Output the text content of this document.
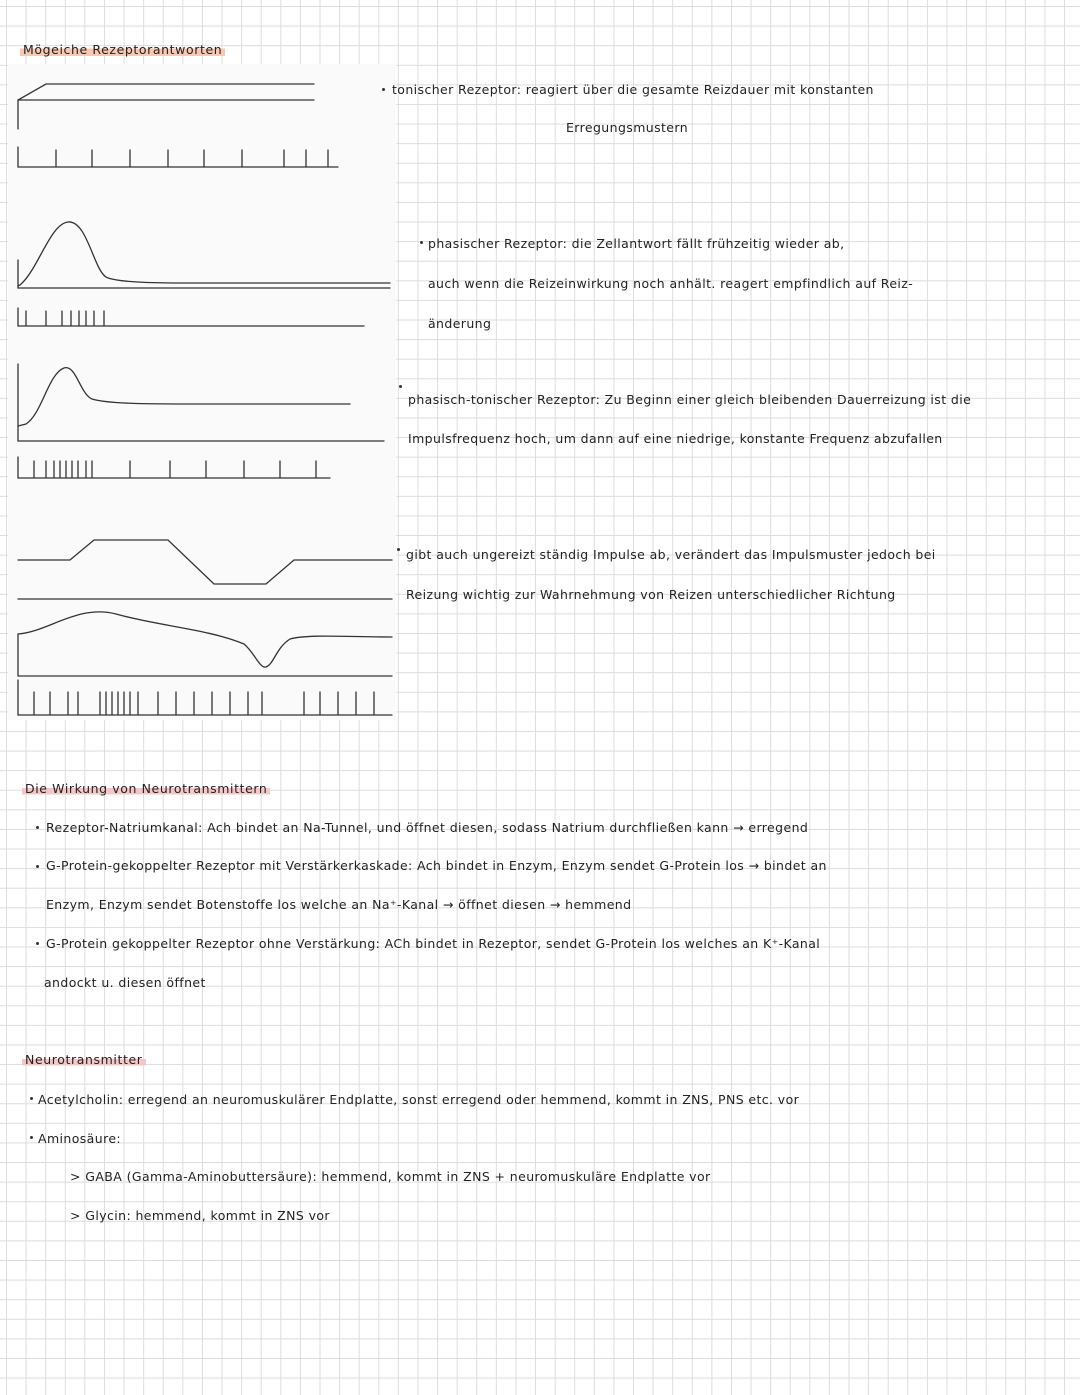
Mögeiche Rezeptorantworten
tonischer Rezeptor: reagiert über die gesamte Reizdauer mit konstanten
Erregungsmustern
phasischer Rezeptor: die Zellantwort fällt frühzeitig wieder ab,
auch wenn die Reizeinwirkung noch anhält. reagert empfindlich auf Reiz-
änderung
phasisch-tonischer Rezeptor: Zu Beginn einer gleich bleibenden Dauerreizung ist die
Impulsfrequenz hoch, um dann auf eine niedrige, konstante Frequenz abzufallen
gibt auch ungereizt ständig Impulse ab, verändert das Impulsmuster jedoch bei
Reizung wichtig zur Wahrnehmung von Reizen unterschiedlicher Richtung
Die Wirkung von Neurotransmittern
Rezeptor-Natriumkanal: Ach bindet an Na-Tunnel, und öffnet diesen, sodass Natrium durchfließen kann → erregend
G-Protein-gekoppelter Rezeptor mit Verstärkerkaskade: Ach bindet in Enzym, Enzym sendet G-Protein los → bindet an
Enzym, Enzym sendet Botenstoffe los welche an Na⁺-Kanal → öffnet diesen → hemmend
G-Protein gekoppelter Rezeptor ohne Verstärkung: ACh bindet in Rezeptor, sendet G-Protein los welches an K⁺-Kanal
andockt u. diesen öffnet
Neurotransmitter
Acetylcholin: erregend an neuromuskulärer Endplatte, sonst erregend oder hemmend, kommt in ZNS, PNS etc. vor
Aminosäure:
> GABA (Gamma-Aminobuttersäure): hemmend, kommt in ZNS + neuromuskuläre Endplatte vor
> Glycin: hemmend, kommt in ZNS vor
